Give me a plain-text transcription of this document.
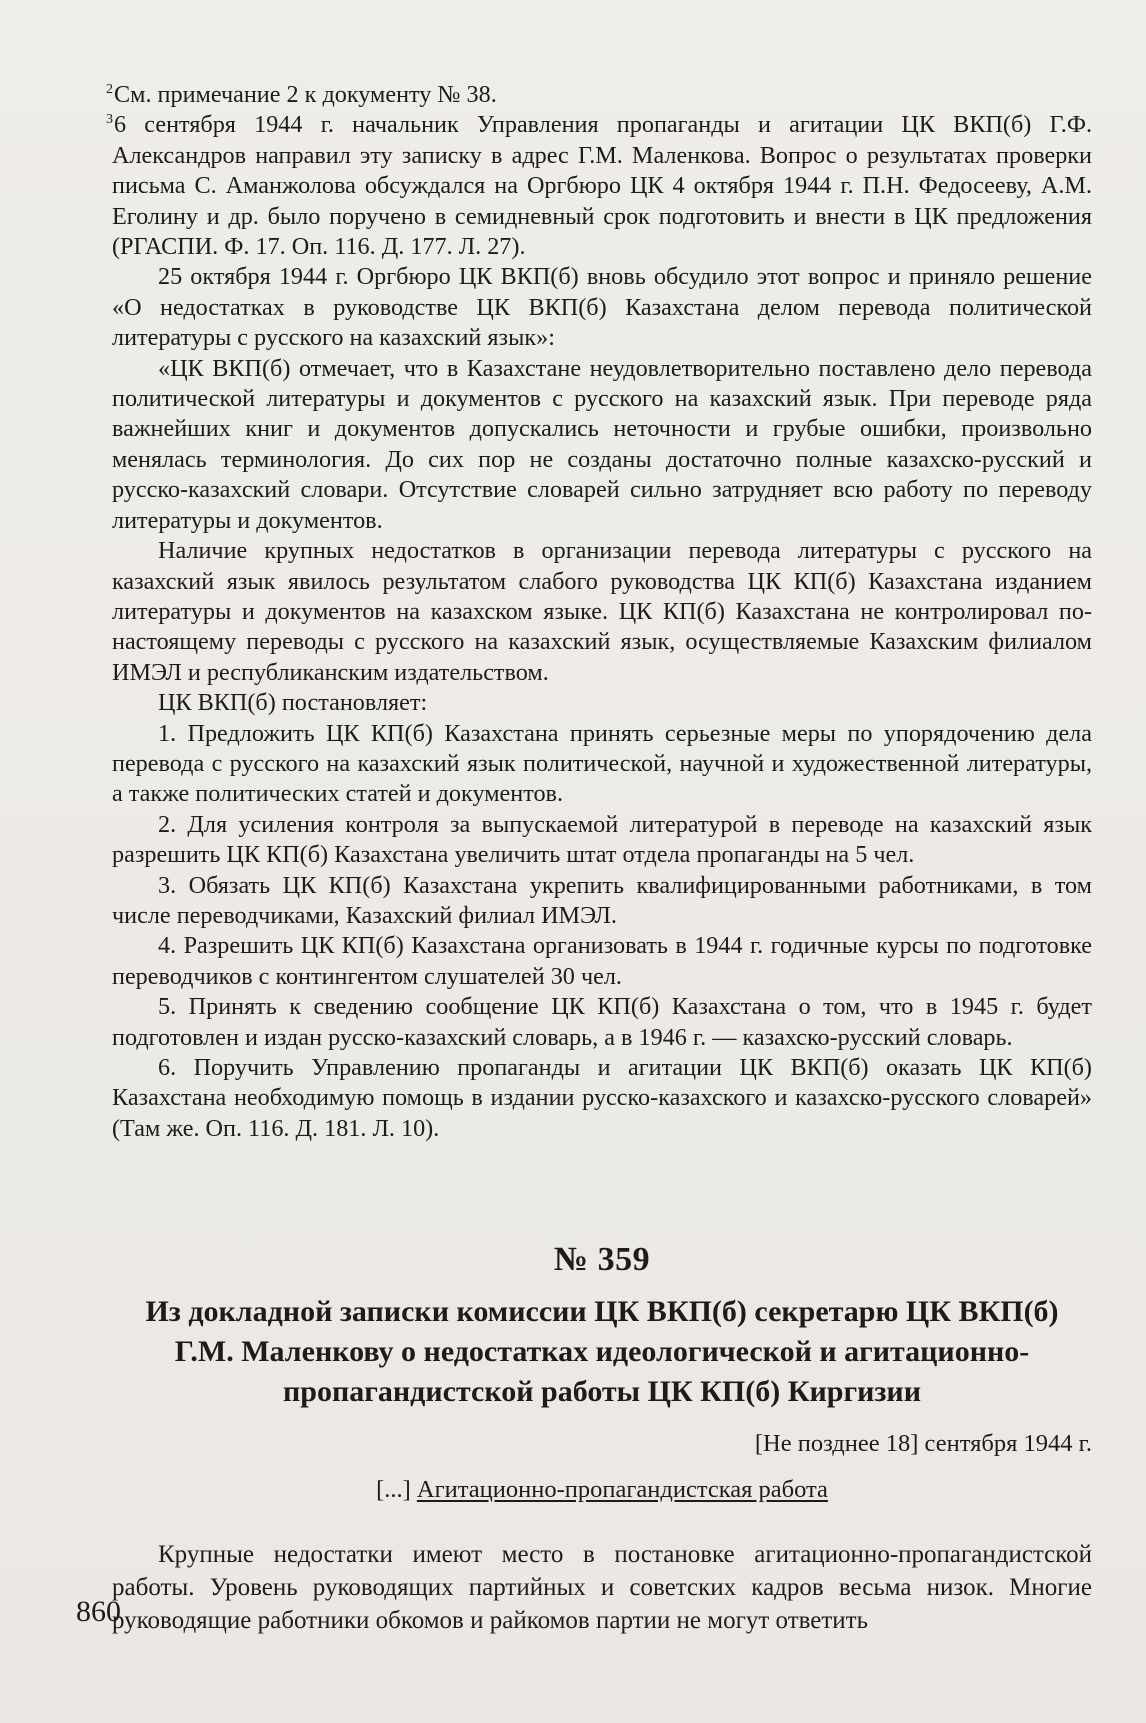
$^2$См. примечание 2 к документу № 38.

$^3$6 сентября 1944 г. начальник Управления пропаганды и агитации ЦК ВКП(б) Г.Ф. Александров направил эту записку в адрес Г.М. Маленкова. Вопрос о результатах проверки письма С. Аманжолова обсуждался на Оргбюро ЦК 4 октября 1944 г. П.Н. Федосееву, А.М. Еголину и др. было поручено в семидневный срок подготовить и внести в ЦК предложения (РГАСПИ. Ф. 17. Оп. 116. Д. 177. Л. 27).

25 октября 1944 г. Оргбюро ЦК ВКП(б) вновь обсудило этот вопрос и приняло решение «О недостатках в руководстве ЦК ВКП(б) Казахстана делом перевода политической литературы с русского на казахский язык»:

«ЦК ВКП(б) отмечает, что в Казахстане неудовлетворительно поставлено дело перевода политической литературы и документов с русского на казахский язык. При переводе ряда важнейших книг и документов допускались неточности и грубые ошибки, произвольно менялась терминология. До сих пор не созданы достаточно полные казахско-русский и русско-казахский словари. Отсутствие словарей сильно затрудняет всю работу по переводу литературы и документов.

Наличие крупных недостатков в организации перевода литературы с русского на казахский язык явилось результатом слабого руководства ЦК КП(б) Казахстана изданием литературы и документов на казахском языке. ЦК КП(б) Казахстана не контролировал по-настоящему переводы с русского на казахский язык, осуществляемые Казахским филиалом ИМЭЛ и республиканским издательством.

ЦК ВКП(б) постановляет:

1. Предложить ЦК КП(б) Казахстана принять серьезные меры по упорядочению дела перевода с русского на казахский язык политической, научной и художественной литературы, а также политических статей и документов.

2. Для усиления контроля за выпускаемой литературой в переводе на казахский язык разрешить ЦК КП(б) Казахстана увеличить штат отдела пропаганды на 5 чел.

3. Обязать ЦК КП(б) Казахстана укрепить квалифицированными работниками, в том числе переводчиками, Казахский филиал ИМЭЛ.

4. Разрешить ЦК КП(б) Казахстана организовать в 1944 г. годичные курсы по подготовке переводчиков с контингентом слушателей 30 чел.

5. Принять к сведению сообщение ЦК КП(б) Казахстана о том, что в 1945 г. будет подготовлен и издан русско-казахский словарь, а в 1946 г. — казахско-русский словарь.

6. Поручить Управлению пропаганды и агитации ЦК ВКП(б) оказать ЦК КП(б) Казахстана необходимую помощь в издании русско-казахского и казахско-русского словарей» (Там же. Оп. 116. Д. 181. Л. 10).

№ 359
Из докладной записки комиссии ЦК ВКП(б) секретарю ЦК ВКП(б)
Г.М. Маленкову о недостатках идеологической и агитационно-
пропагандистской работы ЦК КП(б) Киргизии
[Не позднее 18] сентября 1944 г.
[...] Агитационно-пропагандистская работа

Крупные недостатки имеют место в постановке агитационно-пропагандистской работы. Уровень руководящих партийных и советских кадров весьма низок. Многие руководящие работники обкомов и райкомов партии не могут ответить

860
